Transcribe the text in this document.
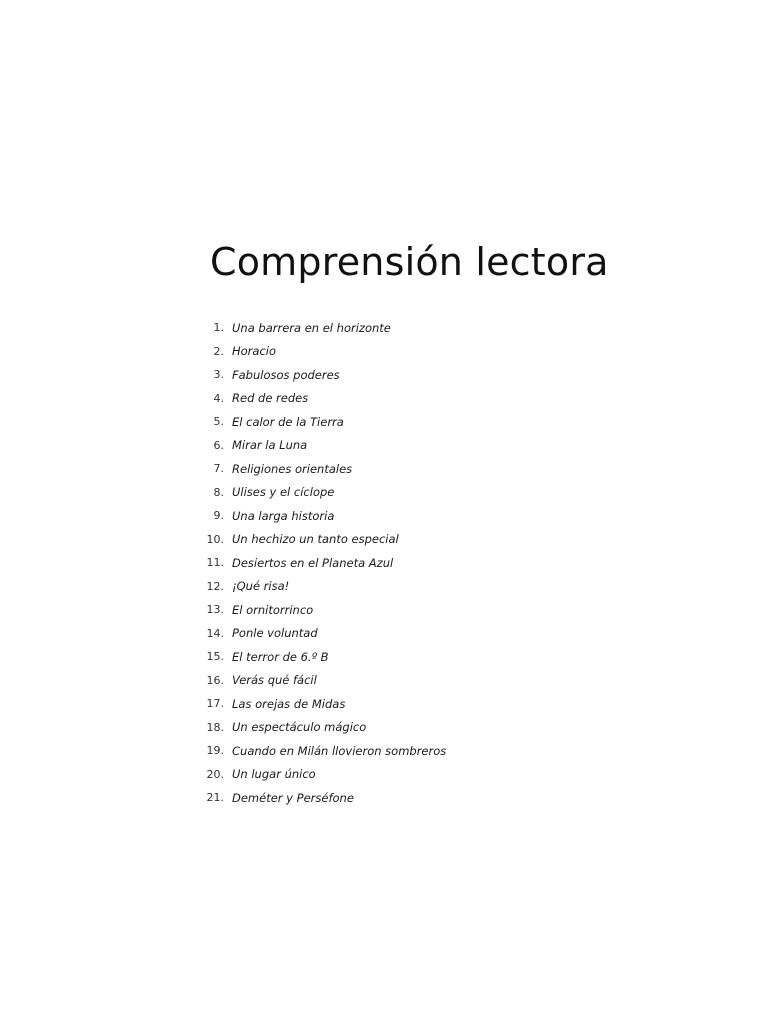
Comprensión lectora
1. Una barrera en el horizonte
2. Horacio
3. Fabulosos poderes
4. Red de redes
5. El calor de la Tierra
6. Mirar la Luna
7. Religiones orientales
8. Ulises y el cíclope
9. Una larga historia
10. Un hechizo un tanto especial
11. Desiertos en el Planeta Azul
12. ¡Qué risa!
13. El ornitorrinco
14. Ponle voluntad
15. El terror de 6.º B
16. Verás qué fácil
17. Las orejas de Midas
18. Un espectáculo mágico
19. Cuando en Milán llovieron sombreros
20. Un lugar único
21. Deméter y Perséfone
